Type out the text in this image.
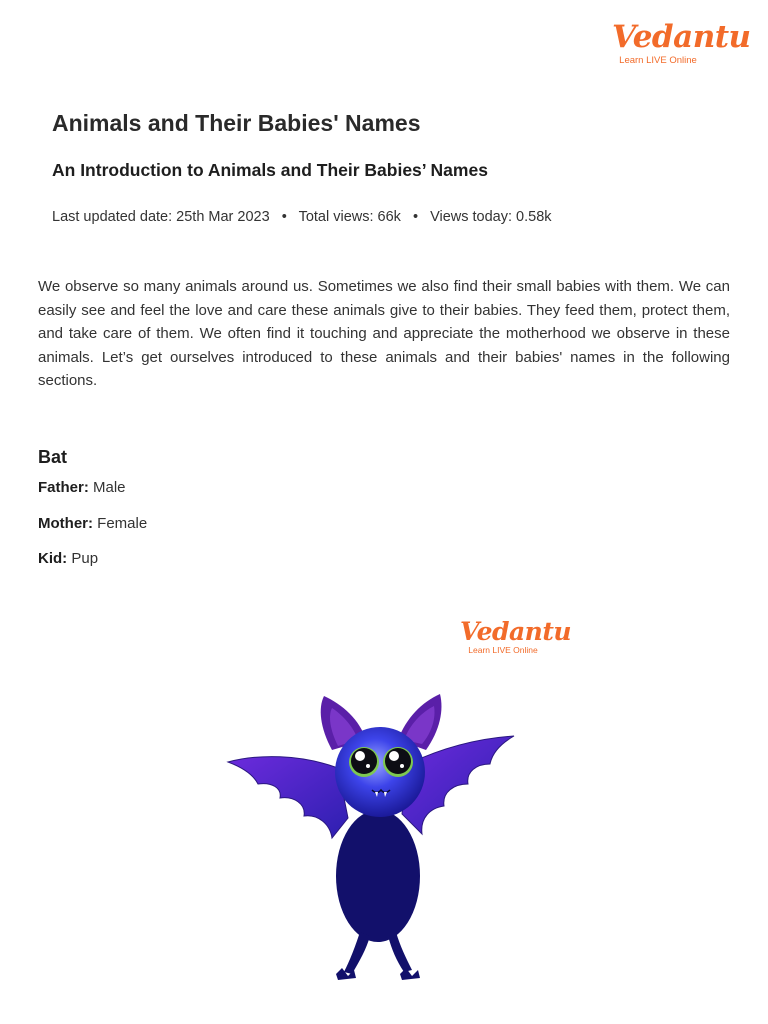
Vedantu
Learn LIVE Online
Animals and Their Babies' Names
An Introduction to Animals and Their Babies’ Names
Last updated date: 25th Mar 2023 • Total views: 66k • Views today: 0.58k

We observe so many animals around us. Sometimes we also find their small babies with them. We can easily see and feel the love and care these animals give to their babies. They feed them, protect them, and take care of them. We often find it touching and appreciate the motherhood we observe in these animals. Let’s get ourselves introduced to these animals and their babies' names in the following sections.

Bat
Father: Male
Mother: Female
Kid: Pup
Vedantu
Learn LIVE Online
